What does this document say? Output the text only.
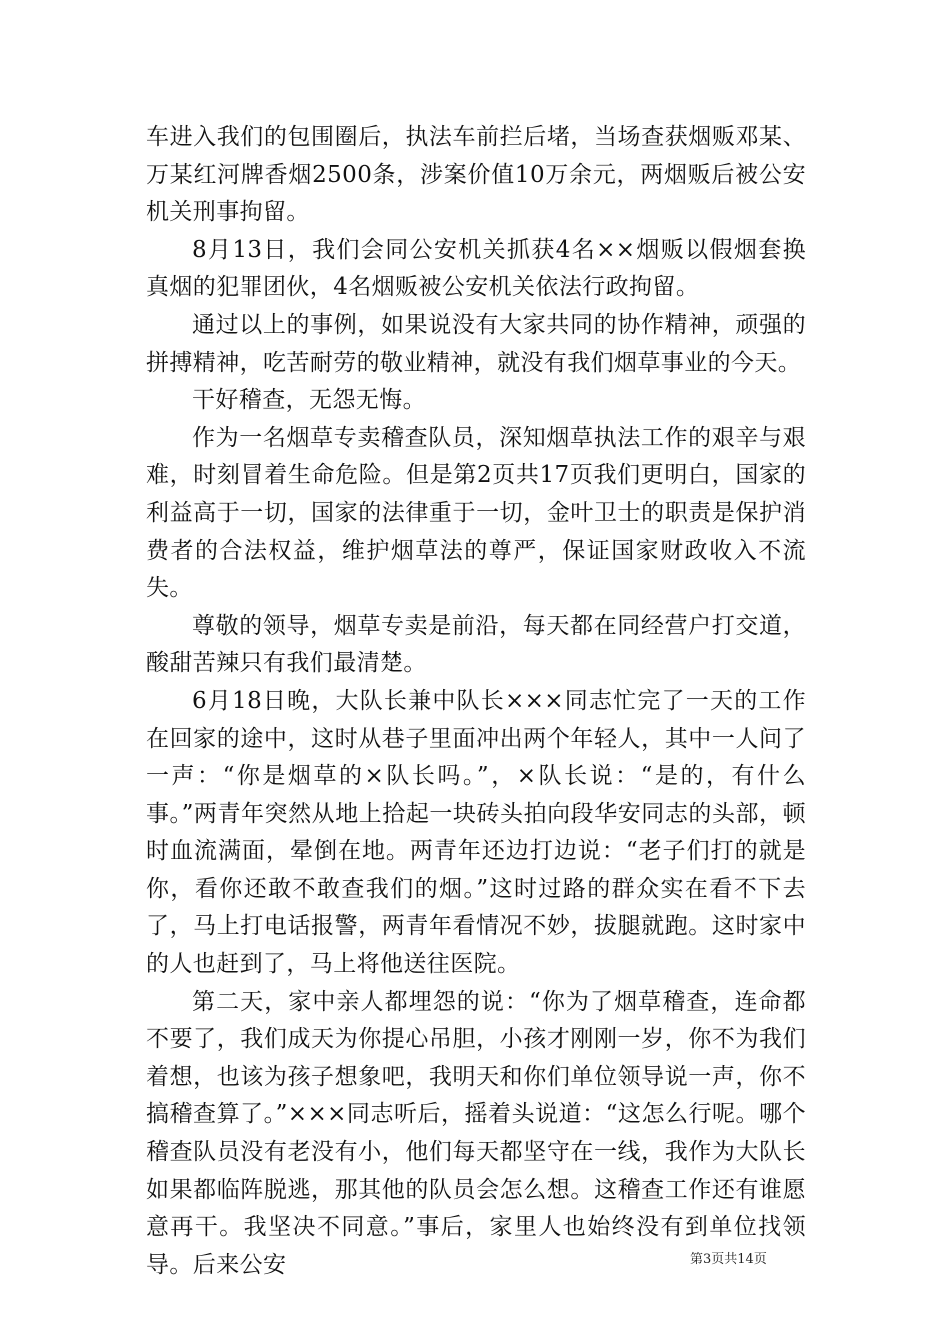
车进入我们的包围圈后，执法车前拦后堵，当场查获烟贩邓某、万某红河牌香烟2500条，涉案价值10万余元，两烟贩后被公安机关刑事拘留。

8月13日，我们会同公安机关抓获4名××烟贩以假烟套换真烟的犯罪团伙，4名烟贩被公安机关依法行政拘留。

通过以上的事例，如果说没有大家共同的协作精神，顽强的拼搏精神，吃苦耐劳的敬业精神，就没有我们烟草事业的今天。

干好稽查，无怨无悔。

作为一名烟草专卖稽查队员，深知烟草执法工作的艰辛与艰难，时刻冒着生命危险。但是第2页共17页我们更明白，国家的利益高于一切，国家的法律重于一切，金叶卫士的职责是保护消费者的合法权益，维护烟草法的尊严，保证国家财政收入不流失。

尊敬的领导，烟草专卖是前沿，每天都在同经营户打交道，酸甜苦辣只有我们最清楚。

6月18日晚，大队长兼中队长×××同志忙完了一天的工作在回家的途中，这时从巷子里面冲出两个年轻人，其中一人问了一声：“你是烟草的×队长吗。”，×队长说：“是的，有什么事。”两青年突然从地上拾起一块砖头拍向段华安同志的头部，顿时血流满面，晕倒在地。两青年还边打边说：“老子们打的就是你，看你还敢不敢查我们的烟。”这时过路的群众实在看不下去了，马上打电话报警，两青年看情况不妙，拔腿就跑。这时家中的人也赶到了，马上将他送往医院。

第二天，家中亲人都埋怨的说：“你为了烟草稽查，连命都不要了，我们成天为你提心吊胆，小孩才刚刚一岁，你不为我们着想，也该为孩子想象吧，我明天和你们单位领导说一声，你不搞稽查算了。”×××同志听后，摇着头说道：“这怎么行呢。哪个稽查队员没有老没有小，他们每天都坚守在一线，我作为大队长如果都临阵脱逃，那其他的队员会怎么想。这稽查工作还有谁愿意再干。我坚决不同意。”事后，家里人也始终没有到单位找领导。后来公安	第3页共14页
